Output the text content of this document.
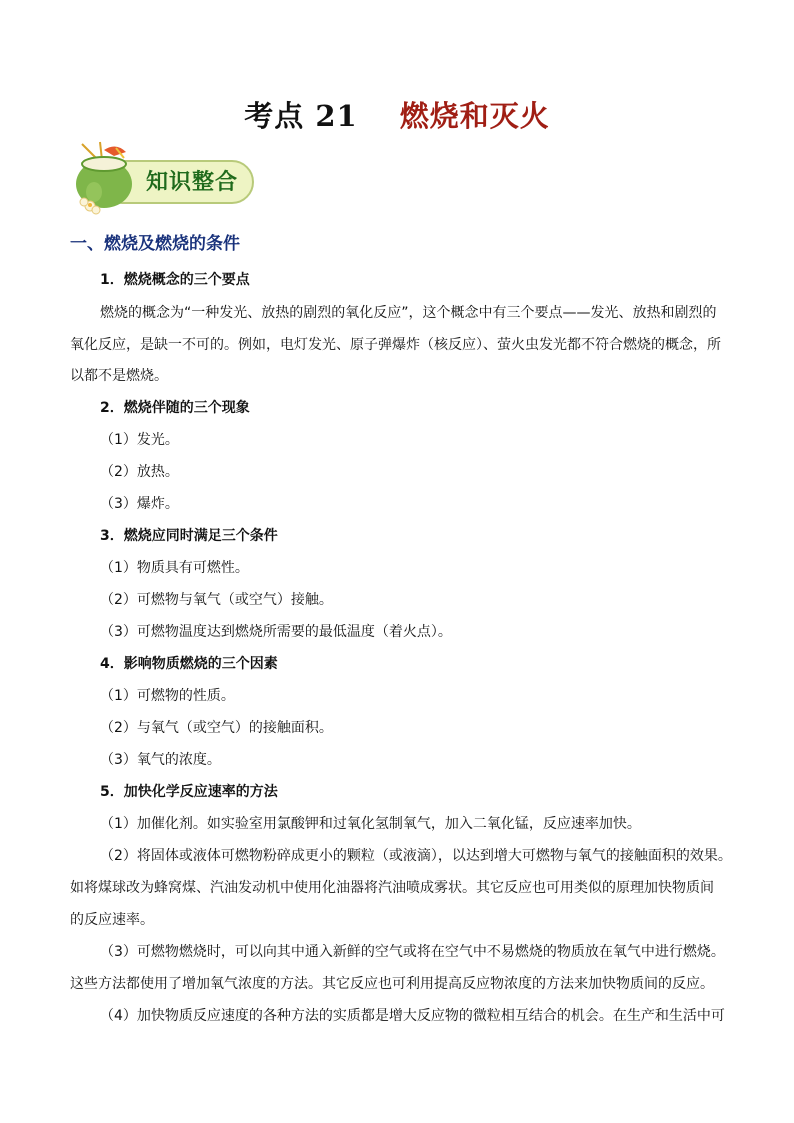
考点 21 燃烧和灭火
知识整合
一、燃烧及燃烧的条件
1．燃烧概念的三个要点
燃烧的概念为“一种发光、放热的剧烈的氧化反应”，这个概念中有三个要点——发光、放热和剧烈的
氧化反应，是缺一不可的。例如，电灯发光、原子弹爆炸（核反应）、萤火虫发光都不符合燃烧的概念，所
以都不是燃烧。
2．燃烧伴随的三个现象
（1）发光。
（2）放热。
（3）爆炸。
3．燃烧应同时满足三个条件
（1）物质具有可燃性。
（2）可燃物与氧气（或空气）接触。
（3）可燃物温度达到燃烧所需要的最低温度（着火点）。
4．影响物质燃烧的三个因素
（1）可燃物的性质。
（2）与氧气（或空气）的接触面积。
（3）氧气的浓度。
5．加快化学反应速率的方法
（1）加催化剂。如实验室用氯酸钾和过氧化氢制氧气，加入二氧化锰，反应速率加快。
（2）将固体或液体可燃物粉碎成更小的颗粒（或液滴），以达到增大可燃物与氧气的接触面积的效果。
如将煤球改为蜂窝煤、汽油发动机中使用化油器将汽油喷成雾状。其它反应也可用类似的原理加快物质间
的反应速率。
（3）可燃物燃烧时，可以向其中通入新鲜的空气或将在空气中不易燃烧的物质放在氧气中进行燃烧。
这些方法都使用了增加氧气浓度的方法。其它反应也可利用提高反应物浓度的方法来加快物质间的反应。
（4）加快物质反应速度的各种方法的实质都是增大反应物的微粒相互结合的机会。在生产和生活中可
